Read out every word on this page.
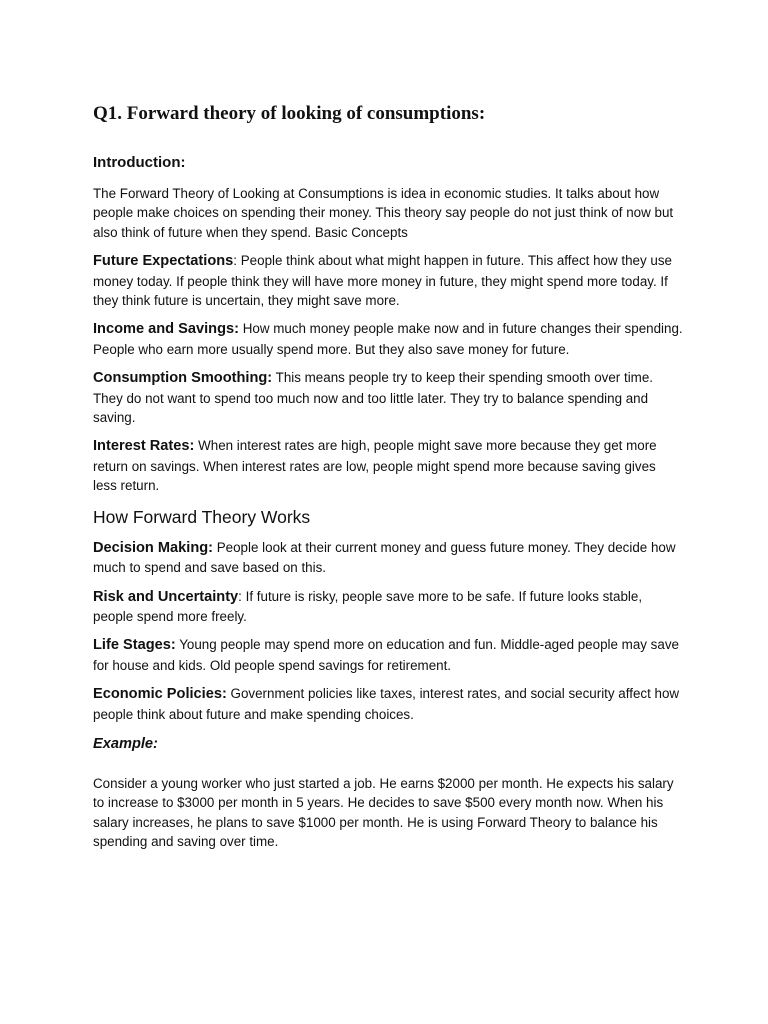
Q1. Forward theory of looking of consumptions:
Introduction:

The Forward Theory of Looking at Consumptions is idea in economic studies. It talks about how people make choices on spending their money. This theory say people do not just think of now but also think of future when they spend. Basic Concepts

Future Expectations: People think about what might happen in future. This affect how they use money today. If people think they will have more money in future, they might spend more today. If they think future is uncertain, they might save more.

Income and Savings: How much money people make now and in future changes their spending. People who earn more usually spend more. But they also save money for future.

Consumption Smoothing: This means people try to keep their spending smooth over time. They do not want to spend too much now and too little later. They try to balance spending and saving.

Interest Rates: When interest rates are high, people might save more because they get more return on savings. When interest rates are low, people might spend more because saving gives less return.

How Forward Theory Works

Decision Making: People look at their current money and guess future money. They decide how much to spend and save based on this.

Risk and Uncertainty: If future is risky, people save more to be safe. If future looks stable, people spend more freely.

Life Stages: Young people may spend more on education and fun. Middle-aged people may save for house and kids. Old people spend savings for retirement.

Economic Policies: Government policies like taxes, interest rates, and social security affect how people think about future and make spending choices.

Example:

Consider a young worker who just started a job. He earns $2000 per month. He expects his salary to increase to $3000 per month in 5 years. He decides to save $500 every month now. When his salary increases, he plans to save $1000 per month. He is using Forward Theory to balance his spending and saving over time.
